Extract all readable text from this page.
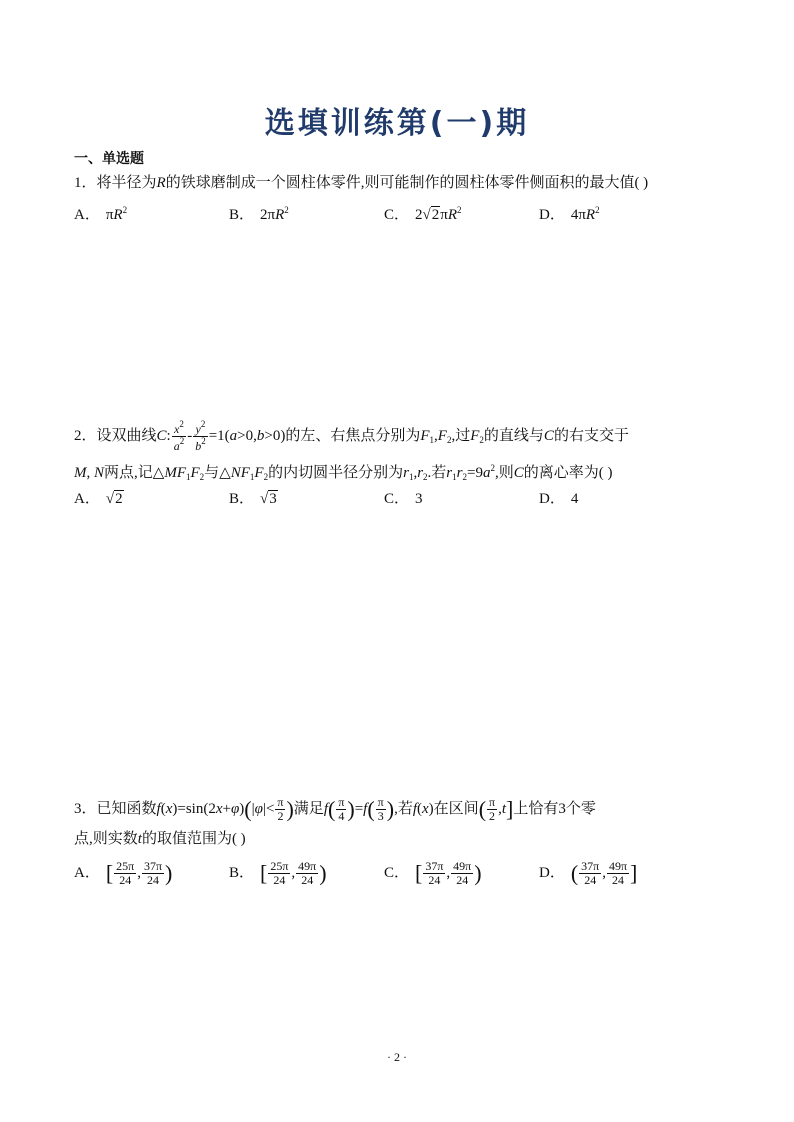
选填训练第(一)期
一、单选题
1．将半径为R的铁球磨制成一个圆柱体零件,则可能制作的圆柱体零件侧面积的最大值( )
A． $\pi R^2$	B． $2\pi R^2$	C． $2√2\pi R^2$	D． $4\pi R^2$
2．设双曲线C: $\frac{x^2}{a^2} - \frac{y^2}{b^2} =1(a>0,b>0)$的左、右焦点分别为$F_1,F_2$,过$F_2$的直线与C的右支交于
M, N两点,记$\triangle MF_1F_2$与$\triangle NF_1F_2$的内切圆半径分别为$r_1,r_2$.若$r_1r_2=9a^2$,则C的离心率为( )
A． √2	B． √3	C． 3	D． 4
3．已知函数$f(x)=\sin(2x+\varphi)(|\varphi|< \frac{\pi}{2}$ )满足$f( \frac{\pi}{4} )=f( \frac{\pi}{3}$ ),若f(x)在区间( $\frac{\pi}{2} ,t$]上恰有3个零
点,则实数t的取值范围为( )
A． [ $\frac{25\pi}{24}$ , $\frac{37\pi}{24}$ )	B． [ $\frac{25\pi}{24}$ , $\frac{49\pi}{24}$ )	C． [ $\frac{37\pi}{24}$ , $\frac{49\pi}{24}$ )	D． ( $\frac{37\pi}{24}$ , $\frac{49\pi}{24}$ ]
· 2 ·
